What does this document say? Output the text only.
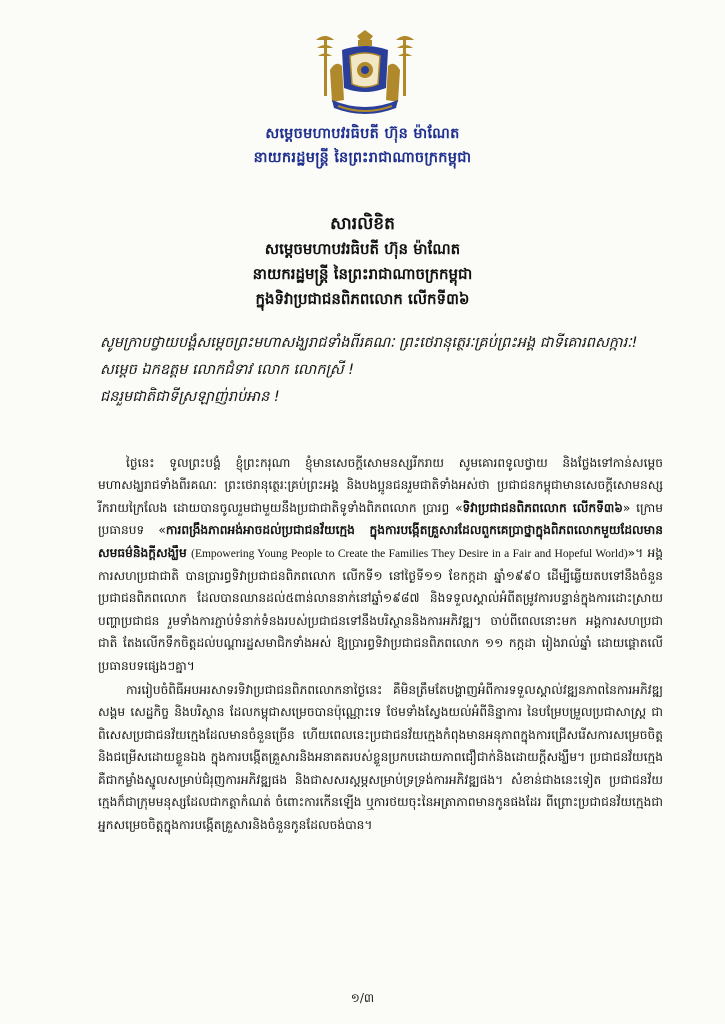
សម្តេចមហាបវរធិបតី ហ៊ុន ម៉ាណែត
នាយករដ្ឋមន្ត្រី នៃព្រះរាជាណាចក្រកម្ពុជា
សារលិខិត
សម្តេចមហាបវរធិបតី ហ៊ុន ម៉ាណែត
នាយករដ្ឋមន្ត្រី នៃព្រះរាជាណាចក្រកម្ពុជា
ក្នុងទិវាប្រជាជនពិភពលោក លើកទី៣៦
សូមក្រាបថ្វាយបង្គំសម្តេចព្រះមហាសង្ឃរាជទាំងពីរគណៈ ព្រះថេរានុត្ថេរៈគ្រប់ព្រះអង្គ ជាទីគោរពសក្ការៈ!
សម្តេច ឯកឧត្តម លោកជំទាវ លោក លោកស្រី !
ជនរួមជាតិជាទីស្រឡាញ់រាប់អាន !

ថ្ងៃនេះ ទូលព្រះបង្គំ ខ្ញុំព្រះករុណា ខ្ញុំមានសេចក្តីសោមនស្សរីករាយ សូមគោរពទូលថ្វាយ និងថ្លែងទៅកាន់សម្តេចមហាសង្ឃរាជទាំងពីរគណៈ ព្រះថេរានុត្ថេរៈគ្រប់ព្រះអង្គ និងបងប្អូនជនរួមជាតិទាំងអស់ថា ប្រជាជនកម្ពុជាមានសេចក្តីសោមនស្សរីករាយក្រៃលែង ដោយបានចូលរួមជាមួយនឹងប្រជាជាតិទូទាំងពិភពលោក ប្រារព្ធ «ទិវាប្រជាជនពិភពលោក លើកទី៣៦» ក្រោមប្រធានបទ «ការពង្រឹងភាពអង់អាចដល់ប្រជាជនវ័យក្មេង ក្នុងការបង្កើតគ្រួសារដែលពួកគេប្រាថ្នាក្នុងពិភពលោកមួយដែលមានសមធម៌និងក្តីសង្ឃឹម (Empowering Young People to Create the Families They Desire in a Fair and Hopeful World)»។ អង្គការសហប្រជាជាតិ បានប្រារព្ធទិវាប្រជាជនពិភពលោក លើកទី១ នៅថ្ងៃទី១១ ខែកក្កដា ឆ្នាំ១៩៩០ ដើម្បីឆ្លើយតបទៅនឹងចំនួនប្រជាជនពិភពលោក ដែលបានឈានដល់៥ពាន់លាននាក់នៅឆ្នាំ១៩៨៧ និងទទួលស្គាល់អំពីតម្រូវការបន្ទាន់ក្នុងការដោះស្រាយបញ្ហាប្រជាជន រួមទាំងការភ្ជាប់ទំនាក់ទំនងរបស់ប្រជាជនទៅនឹងបរិស្ថាននិងការអភិវឌ្ឍ។ ចាប់ពីពេលនោះមក អង្គការសហប្រជាជាតិ តែងលើកទឹកចិត្តដល់បណ្តារដ្ឋសមាជិកទាំងអស់ ឱ្យប្រារព្ធទិវាប្រជាជនពិភពលោក ១១ កក្កដា រៀងរាល់ឆ្នាំ ដោយផ្តោតលើប្រធានបទផ្សេងៗគ្នា។

ការរៀបចំពិធីអបអរសាទរទិវាប្រជាជនពិភពលោកនាថ្ងៃនេះ គឺមិនត្រឹមតែបង្ហាញអំពីការទទួលស្គាល់វឌ្ឍនភាពនៃការអភិវឌ្ឍសង្គម សេដ្ឋកិច្ច និងបរិស្ថាន ដែលកម្ពុជាសម្រេចបានប៉ុណ្ណោះទេ ថែមទាំងស្វែងយល់អំពីនិន្នាការ នៃបម្រែបម្រួលប្រជាសាស្ត្រ ជាពិសេសប្រជាជនវ័យក្មេងដែលមានចំនួនច្រើន ហើយពេលនេះប្រជាជនវ័យក្មេងកំពុងមានអនុភាពក្នុងការជ្រើសរើសការសម្រេចចិត្តនិងជម្រើសដោយខ្លួនឯង ក្នុងការបង្កើតគ្រួសារនិងអនាគតរបស់ខ្លួនប្រកបដោយភាពជឿជាក់និងដោយក្តីសង្ឃឹម។ ប្រជាជនវ័យក្មេង គឺជាកម្លាំងស្នូលសម្រាប់ជំរុញការអភិវឌ្ឍផង និងជាសសរស្តម្ភសម្រាប់ទ្រទ្រង់ការអភិវឌ្ឍផង។ សំខាន់ជាងនេះទៀត ប្រជាជនវ័យក្មេងក៏ជាក្រុមមនុស្សដែលជាកត្តាកំណត់ ចំពោះការកើនឡើង ឬការថយចុះនៃអត្រាភាពមានកូនផងដែរ ពីព្រោះប្រជាជនវ័យក្មេងជាអ្នកសម្រេចចិត្តក្នុងការបង្កើតគ្រួសារនិងចំនួនកូនដែលចង់បាន។

១/៣
